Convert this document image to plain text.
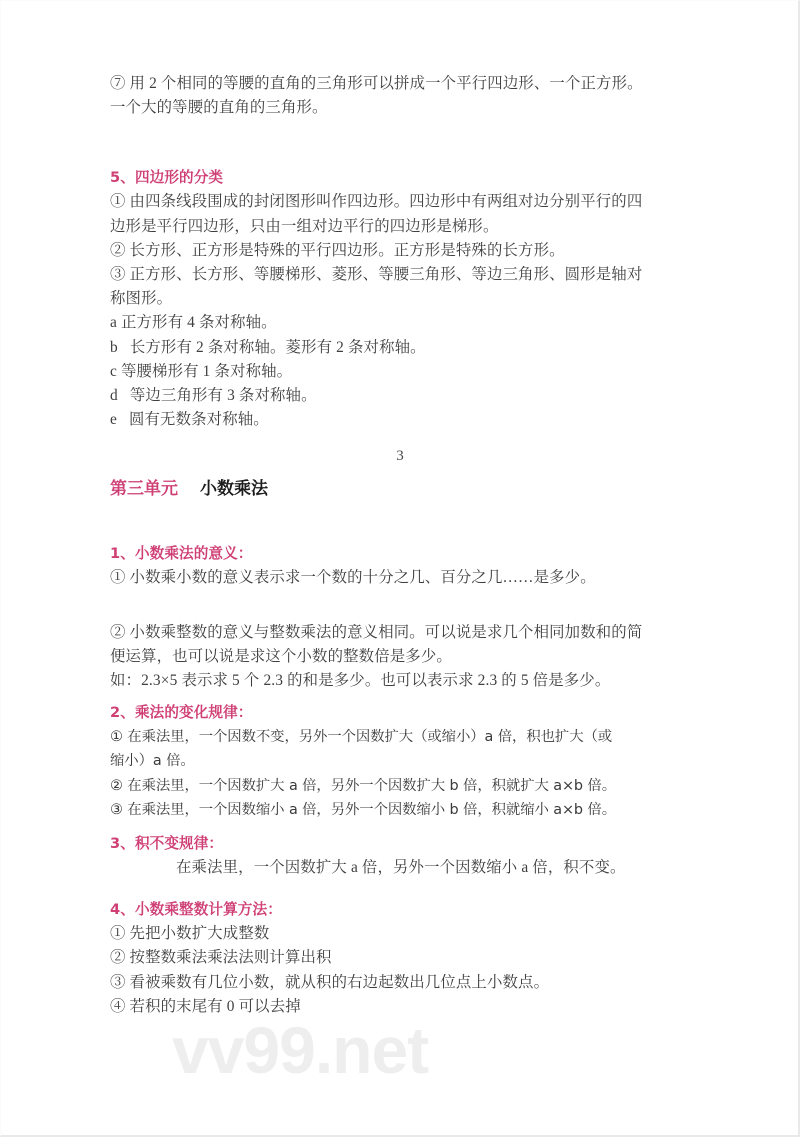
vv99.net
⑦ 用 2 个相同的等腰的直角的三角形可以拼成一个平行四边形、一个正方形。
一个大的等腰的直角的三角形。
5、四边形的分类
① 由四条线段围成的封闭图形叫作四边形。四边形中有两组对边分别平行的四
边形是平行四边形，只由一组对边平行的四边形是梯形。
② 长方形、正方形是特殊的平行四边形。正方形是特殊的长方形。
③ 正方形、长方形、等腰梯形、菱形、等腰三角形、等边三角形、圆形是轴对
称图形。
a 正方形有 4 条对称轴。
b   长方形有 2 条对称轴。菱形有 2 条对称轴。
c 等腰梯形有 1 条对称轴。
d   等边三角形有 3 条对称轴。
e   圆有无数条对称轴。
3
第三单元 小数乘法
1、小数乘法的意义：
① 小数乘小数的意义表示求一个数的十分之几、百分之几……是多少。
② 小数乘整数的意义与整数乘法的意义相同。可以说是求几个相同加数和的简
便运算，也可以说是求这个小数的整数倍是多少。
如：2.3×5 表示求 5 个 2.3 的和是多少。也可以表示求 2.3 的 5 倍是多少。
2、乘法的变化规律：
① 在乘法里，一个因数不变，另外一个因数扩大（或缩小）a 倍，积也扩大（或
缩小）a 倍。
② 在乘法里，一个因数扩大 a 倍，另外一个因数扩大 b 倍，积就扩大 a×b 倍。
③ 在乘法里，一个因数缩小 a 倍，另外一个因数缩小 b 倍，积就缩小 a×b 倍。
3、积不变规律：
在乘法里，一个因数扩大 a 倍，另外一个因数缩小 a 倍，积不变。
4、小数乘整数计算方法：
① 先把小数扩大成整数
② 按整数乘法乘法法则计算出积
③ 看被乘数有几位小数，就从积的右边起数出几位点上小数点。
④ 若积的末尾有 0 可以去掉
